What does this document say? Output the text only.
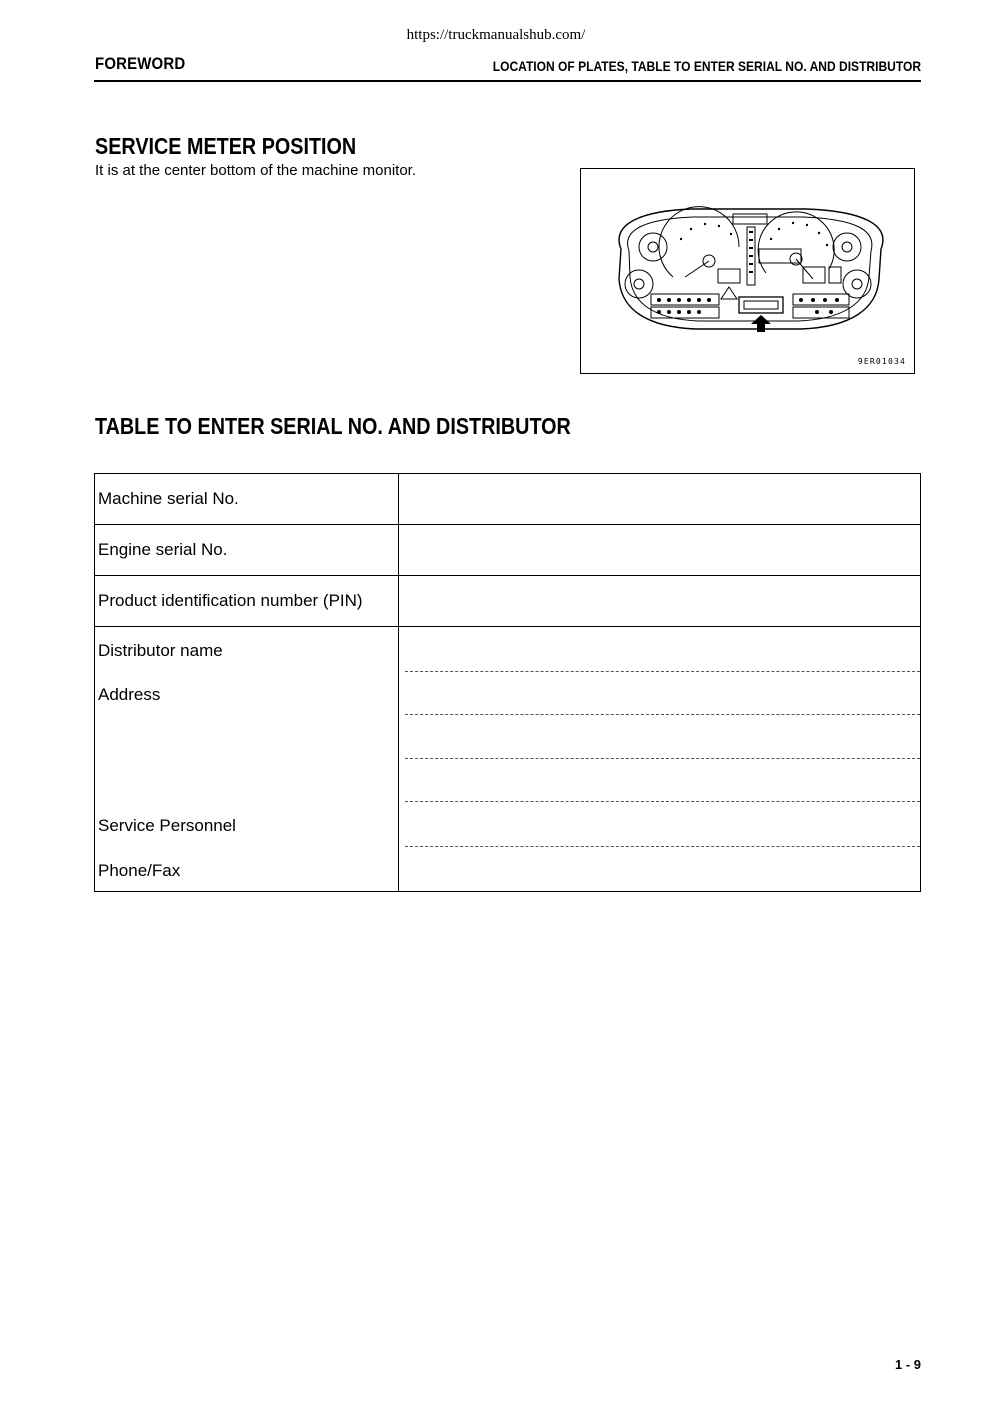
https://truckmanualshub.com/
FOREWORD	LOCATION OF PLATES, TABLE TO ENTER SERIAL NO. AND DISTRIBUTOR
SERVICE METER POSITION
It is at the center bottom of the machine monitor.
9ER01034
TABLE TO ENTER SERIAL NO. AND DISTRIBUTOR
Machine serial No.	
Engine serial No.	
Product identification number (PIN)	

Distributor name
Address
Service Personnel
Phone/Fax	

1 - 9
